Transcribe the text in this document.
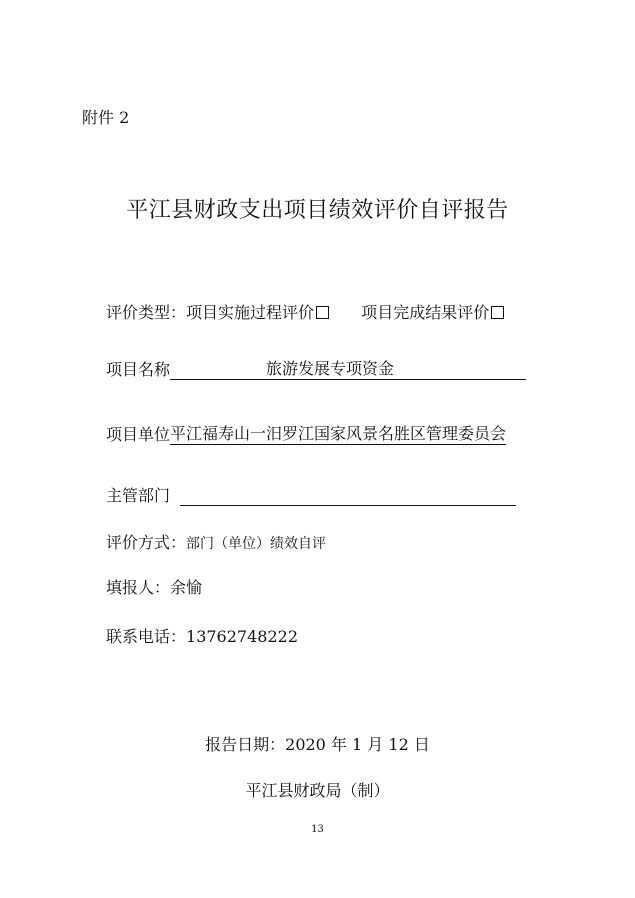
附件 2
平江县财政支出项目绩效评价自评报告
评价类型：项目实施过程评价	项目完成结果评价
项目名称	旅游发展专项资金
项目单位平江福寿山一汨罗江国家风景名胜区管理委员会
主管部门
评价方式：部门（单位）绩效自评
填报人：余愉
联系电话：13762748222
报告日期：2020 年 1 月 12 日
平江县财政局（制）
13
